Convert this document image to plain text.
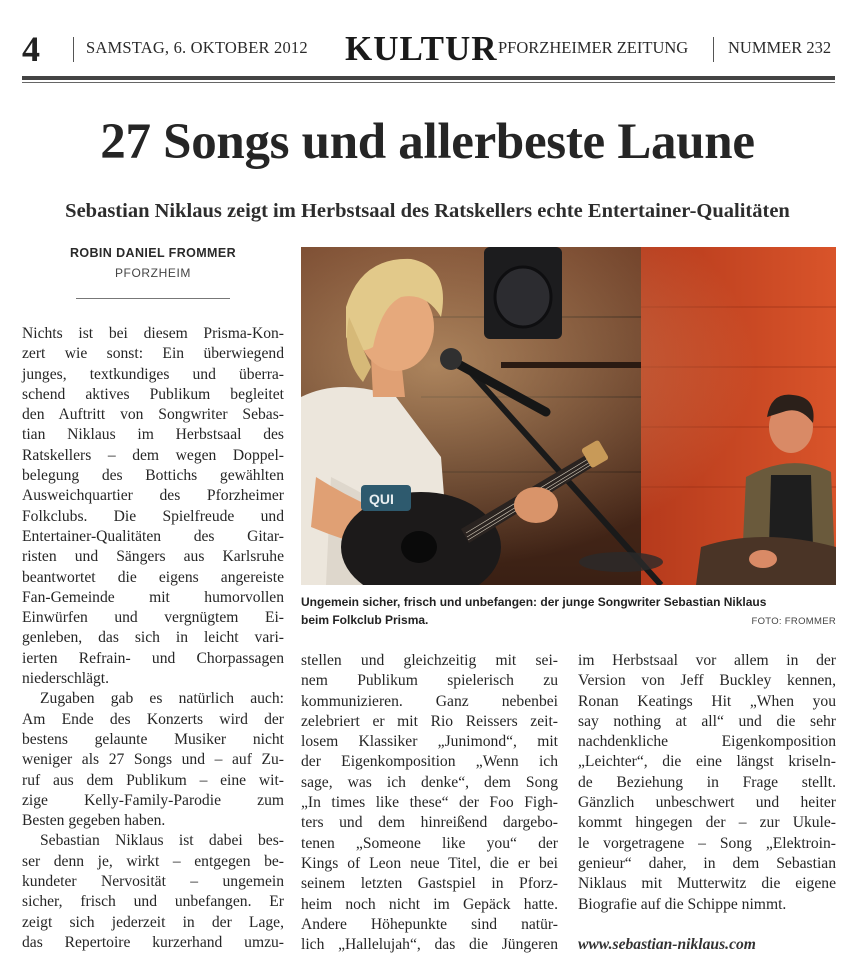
4	SAMSTAG, 6. OKTOBER 2012 KULTUR PFORZHEIMER ZEITUNG NUMMER 232
27 Songs und allerbeste Laune
Sebastian Niklaus zeigt im Herbstsaal des Ratskellers echte Entertainer-Qualitäten
ROBIN DANIEL FROMMER
PFORZHEIM
QUI
Ungemein sicher, frisch und unbefangen: der junge Songwriter Sebastian Niklaus
beim Folkclub Prisma.	FOTO: FROMMER
Nichts ist bei diesem Prisma-Kon-
zert wie sonst: Ein überwiegend
junges, textkundiges und überra-
schend aktives Publikum begleitet
den Auftritt von Songwriter Sebas-
tian Niklaus im Herbstsaal des
Ratskellers – dem wegen Doppel-
belegung des Bottichs gewählten
Ausweichquartier des Pforzheimer
Folkclubs. Die Spielfreude und
Entertainer-Qualitäten des Gitar-
risten und Sängers aus Karlsruhe
beantwortet die eigens angereiste
Fan-Gemeinde mit humorvollen
Einwürfen und vergnügtem Ei-
genleben, das sich in leicht vari-
ierten Refrain- und Chorpassagen
niederschlägt.
Zugaben gab es natürlich auch:
Am Ende des Konzerts wird der
bestens gelaunte Musiker nicht
weniger als 27 Songs und – auf Zu-
ruf aus dem Publikum – eine wit-
zige Kelly-Family-Parodie zum
Besten gegeben haben.
Sebastian Niklaus ist dabei bes-
ser denn je, wirkt – entgegen be-
kundeter Nervosität – ungemein
sicher, frisch und unbefangen. Er
zeigt sich jederzeit in der Lage,
das Repertoire kurzerhand umzu-
stellen und gleichzeitig mit sei-
nem Publikum spielerisch zu
kommunizieren. Ganz nebenbei
zelebriert er mit Rio Reissers zeit-
losem Klassiker „Junimond“, mit
der Eigenkomposition „Wenn ich
sage, was ich denke“, dem Song
„In times like these“ der Foo Figh-
ters und dem hinreißend dargebo-
tenen „Someone like you“ der
Kings of Leon neue Titel, die er bei
seinem letzten Gastspiel in Pforz-
heim noch nicht im Gepäck hatte.
Andere Höhepunkte sind natür-
lich „Hallelujah“, das die Jüngeren
im Herbstsaal vor allem in der
Version von Jeff Buckley kennen,
Ronan Keatings Hit „When you
say nothing at all“ und die sehr
nachdenkliche Eigenkomposition
„Leichter“, die eine längst kriseln-
de Beziehung in Frage stellt.
Gänzlich unbeschwert und heiter
kommt hingegen der – zur Ukule-
le vorgetragene – Song „Elektroin-
genieur“ daher, in dem Sebastian
Niklaus mit Mutterwitz die eigene
Biografie auf die Schippe nimmt.
www.sebastian-niklaus.com
